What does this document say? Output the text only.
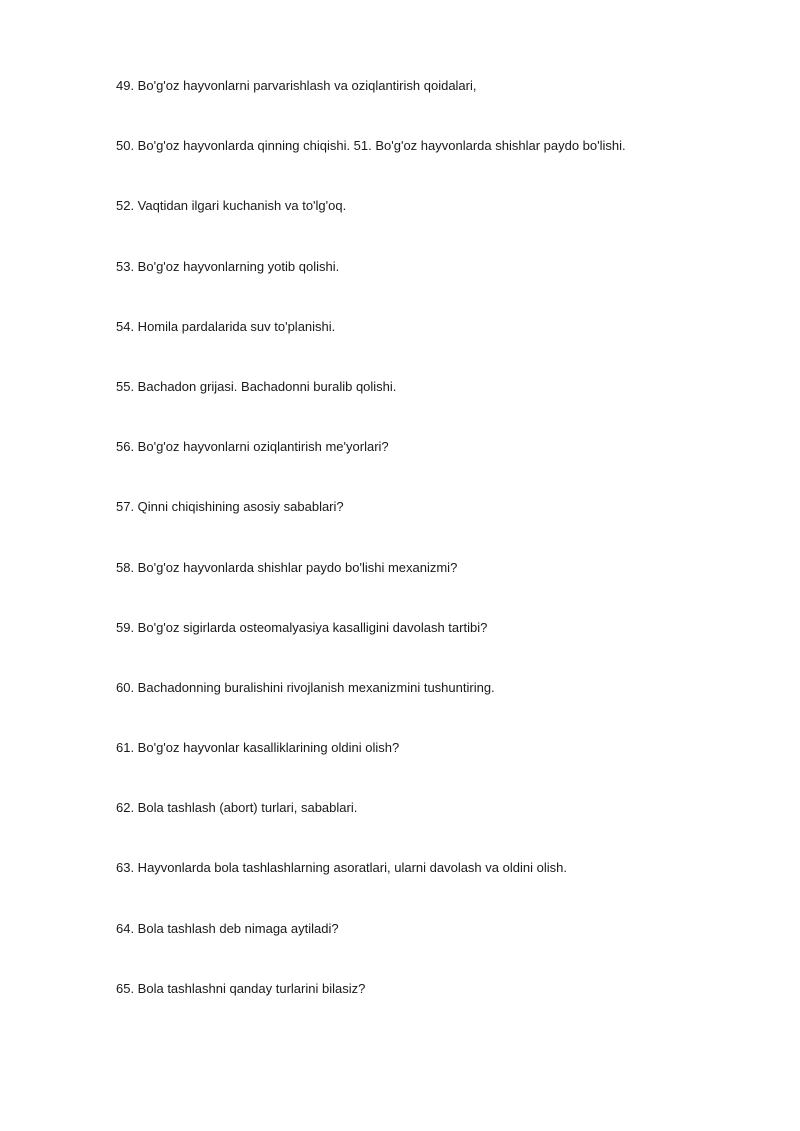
49. Bo'g'oz hayvonlarni parvarishlash va oziqlantirish qoidalari,
50. Bo'g'oz hayvonlarda qinning chiqishi. 51. Bo'g'oz hayvonlarda shishlar paydo bo'lishi.
52. Vaqtidan ilgari kuchanish va to'lg'oq.
53. Bo'g'oz hayvonlarning yotib qolishi.
54. Homila pardalarida suv to'planishi.
55. Bachadon grijasi. Bachadonni buralib qolishi.
56. Bo'g'oz hayvonlarni oziqlantirish me'yorlari?
57. Qinni chiqishining asosiy sabablari?
58. Bo'g'oz hayvonlarda shishlar paydo bo'lishi mexanizmi?
59. Bo'g'oz sigirlarda osteomalyasiya kasalligini davolash tartibi?
60. Bachadonning buralishini rivojlanish mexanizmini tushuntiring.
61. Bo'g'oz hayvonlar kasalliklarining oldini olish?
62. Bola tashlash (abort) turlari, sabablari.
63. Hayvonlarda bola tashlashlarning asoratlari, ularni davolash va oldini olish.
64. Bola tashlash deb nimaga aytiladi?
65. Bola tashlashni qanday turlarini bilasiz?
